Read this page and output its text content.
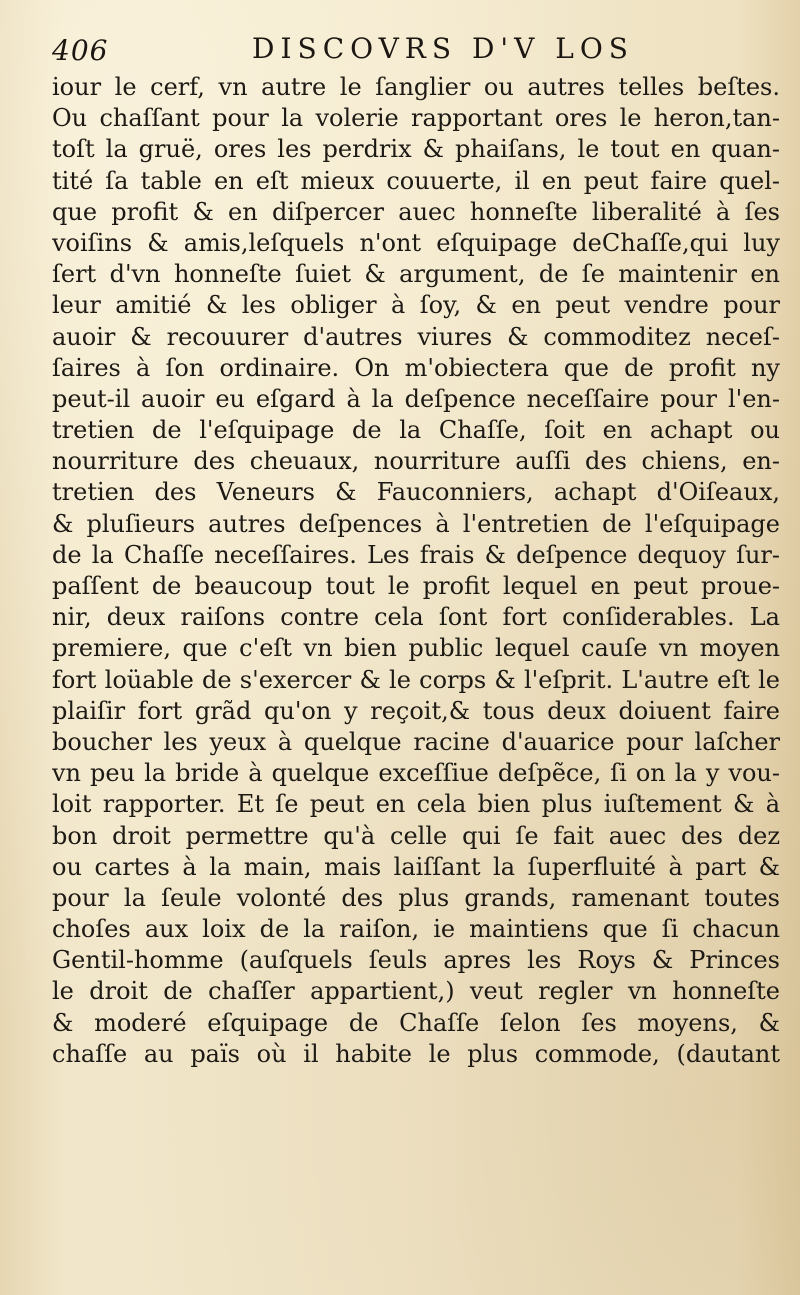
406	DISCOVRS D'V LOS
iour le cerf, vn autre le ſanglier ou autres telles beſtes.
Ou chaſſant pour la volerie rapportant ores le heron,tan-
toſt la gruë, ores les perdrix & phaiſans, le tout en quan-
tité ſa table en eſt mieux couuerte, il en peut faire quel-
que profit & en diſpercer auec honneſte liberalité à ſes
voiſins & amis,leſquels n'ont eſquipage deChaſſe,qui luy
ſert d'vn honneſte ſuiet & argument, de ſe maintenir en
leur amitié & les obliger à ſoy, & en peut vendre pour
auoir & recouurer d'autres viures & commoditez neceſ-
ſaires à ſon ordinaire. On m'obiectera que de profit ny
peut-il auoir eu eſgard à la deſpence neceſſaire pour l'en-
tretien de l'eſquipage de la Chaſſe, ſoit en achapt ou
nourriture des cheuaux, nourriture auſſi des chiens, en-
tretien des Veneurs & Fauconniers, achapt d'Oiſeaux,
& pluſieurs autres deſpences à l'entretien de l'eſquipage
de la Chaſſe neceſſaires. Les frais & deſpence dequoy ſur-
paſſent de beaucoup tout le profit lequel en peut proue-
nir, deux raiſons contre cela ſont fort conſiderables. La
premiere, que c'eſt vn bien public lequel cauſe vn moyen
fort loüable de s'exercer & le corps & l'eſprit. L'autre eſt le
plaiſir fort grãd qu'on y reçoit,& tous deux doiuent faire
boucher les yeux à quelque racine d'auarice pour laſcher
vn peu la bride à quelque exceſſiue deſpẽce, ſi on la y vou-
loit rapporter. Et ſe peut en cela bien plus iuſtement & à
bon droit permettre qu'à celle qui ſe fait auec des dez
ou cartes à la main, mais laiſſant la ſuperfluité à part &
pour la ſeule volonté des plus grands, ramenant toutes
choſes aux loix de la raiſon, ie maintiens que ſi chacun
Gentil-homme (auſquels ſeuls apres les Roys & Princes
le droit de chaſſer appartient,) veut regler vn honneſte
& moderé eſquipage de Chaſſe ſelon ſes moyens, &
chaſſe au païs où il habite le plus commode, (dautant
